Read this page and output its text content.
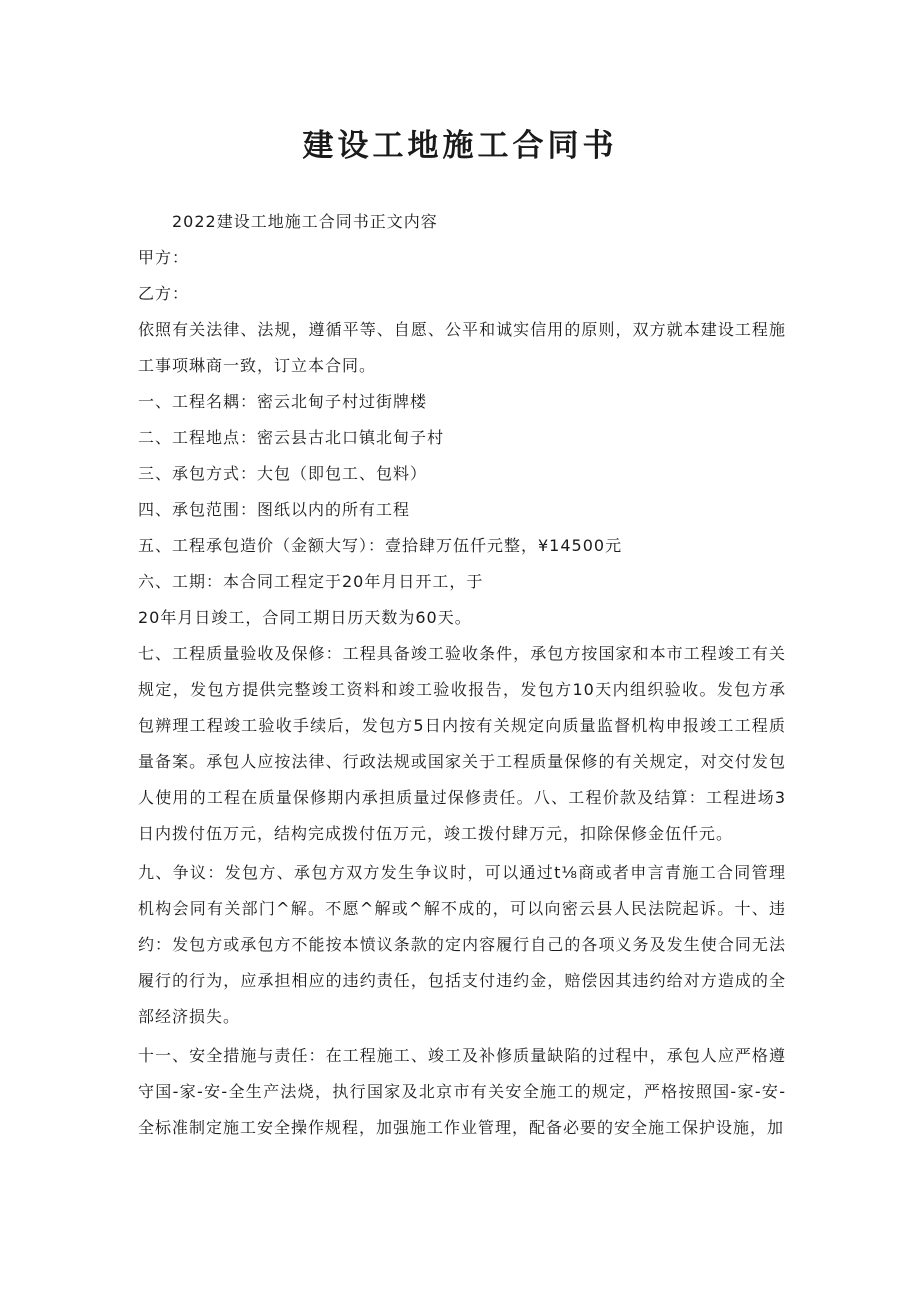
建设工地施工合同书
2022建设工地施工合同书正文内容
甲方：
乙方：
依照有关法律、法规，遵循平等、自愿、公平和诚实信用的原则，双方就本建设工程施工事项琳商一致，订立本合同。
一、工程名耦：密云北甸子村过街牌楼
二、工程地点：密云县古北口镇北甸子村
三、承包方式：大包（即包工、包料）
四、承包范围：图纸以内的所有工程
五、工程承包造价（金额大写）：壹拾肆万伍仟元整，¥14500元
六、工期：本合同工程定于20年月日开工，于
20年月日竣工，合同工期日历天数为60天。
七、工程质量验收及保修：工程具备竣工验收条件，承包方按国家和本市工程竣工有关规定，发包方提供完整竣工资料和竣工验收报告，发包方10天内组织验收。发包方承包辨理工程竣工验收手续后，发包方5日内按有关规定向质量监督机构申报竣工工程质量备案。承包人应按法律、行政法规或国家关于工程质量保修的有关规定，对交付发包人使用的工程在质量保修期内承担质量过保修责任。八、工程价款及结算：工程进场3日内拨付伍万元，结构完成拨付伍万元，竣工拨付肆万元，扣除保修金伍仟元。
九、争议：发包方、承包方双方发生争议时，可以通过t⅛商或者申言青施工合同管理机构会同有关部门^解。不愿^解或^解不成的，可以向密云县人民法院起诉。十、违约：发包方或承包方不能按本愤议条款的定内容履行自己的各项义务及发生使合同无法履行的行为，应承担相应的违约责任，包括支付违约金，赔偿因其违约给对方造成的全部经济损失。
十一、安全措施与责任：在工程施工、竣工及补修质量缺陷的过程中，承包人应严格遵守国-家-安-全生产法烧，执行国家及北京市有关安全施工的规定，严格按照国-家-安-全标准制定施工安全操作规程，加强施工作业管理，配备必要的安全施工保护设施，加
